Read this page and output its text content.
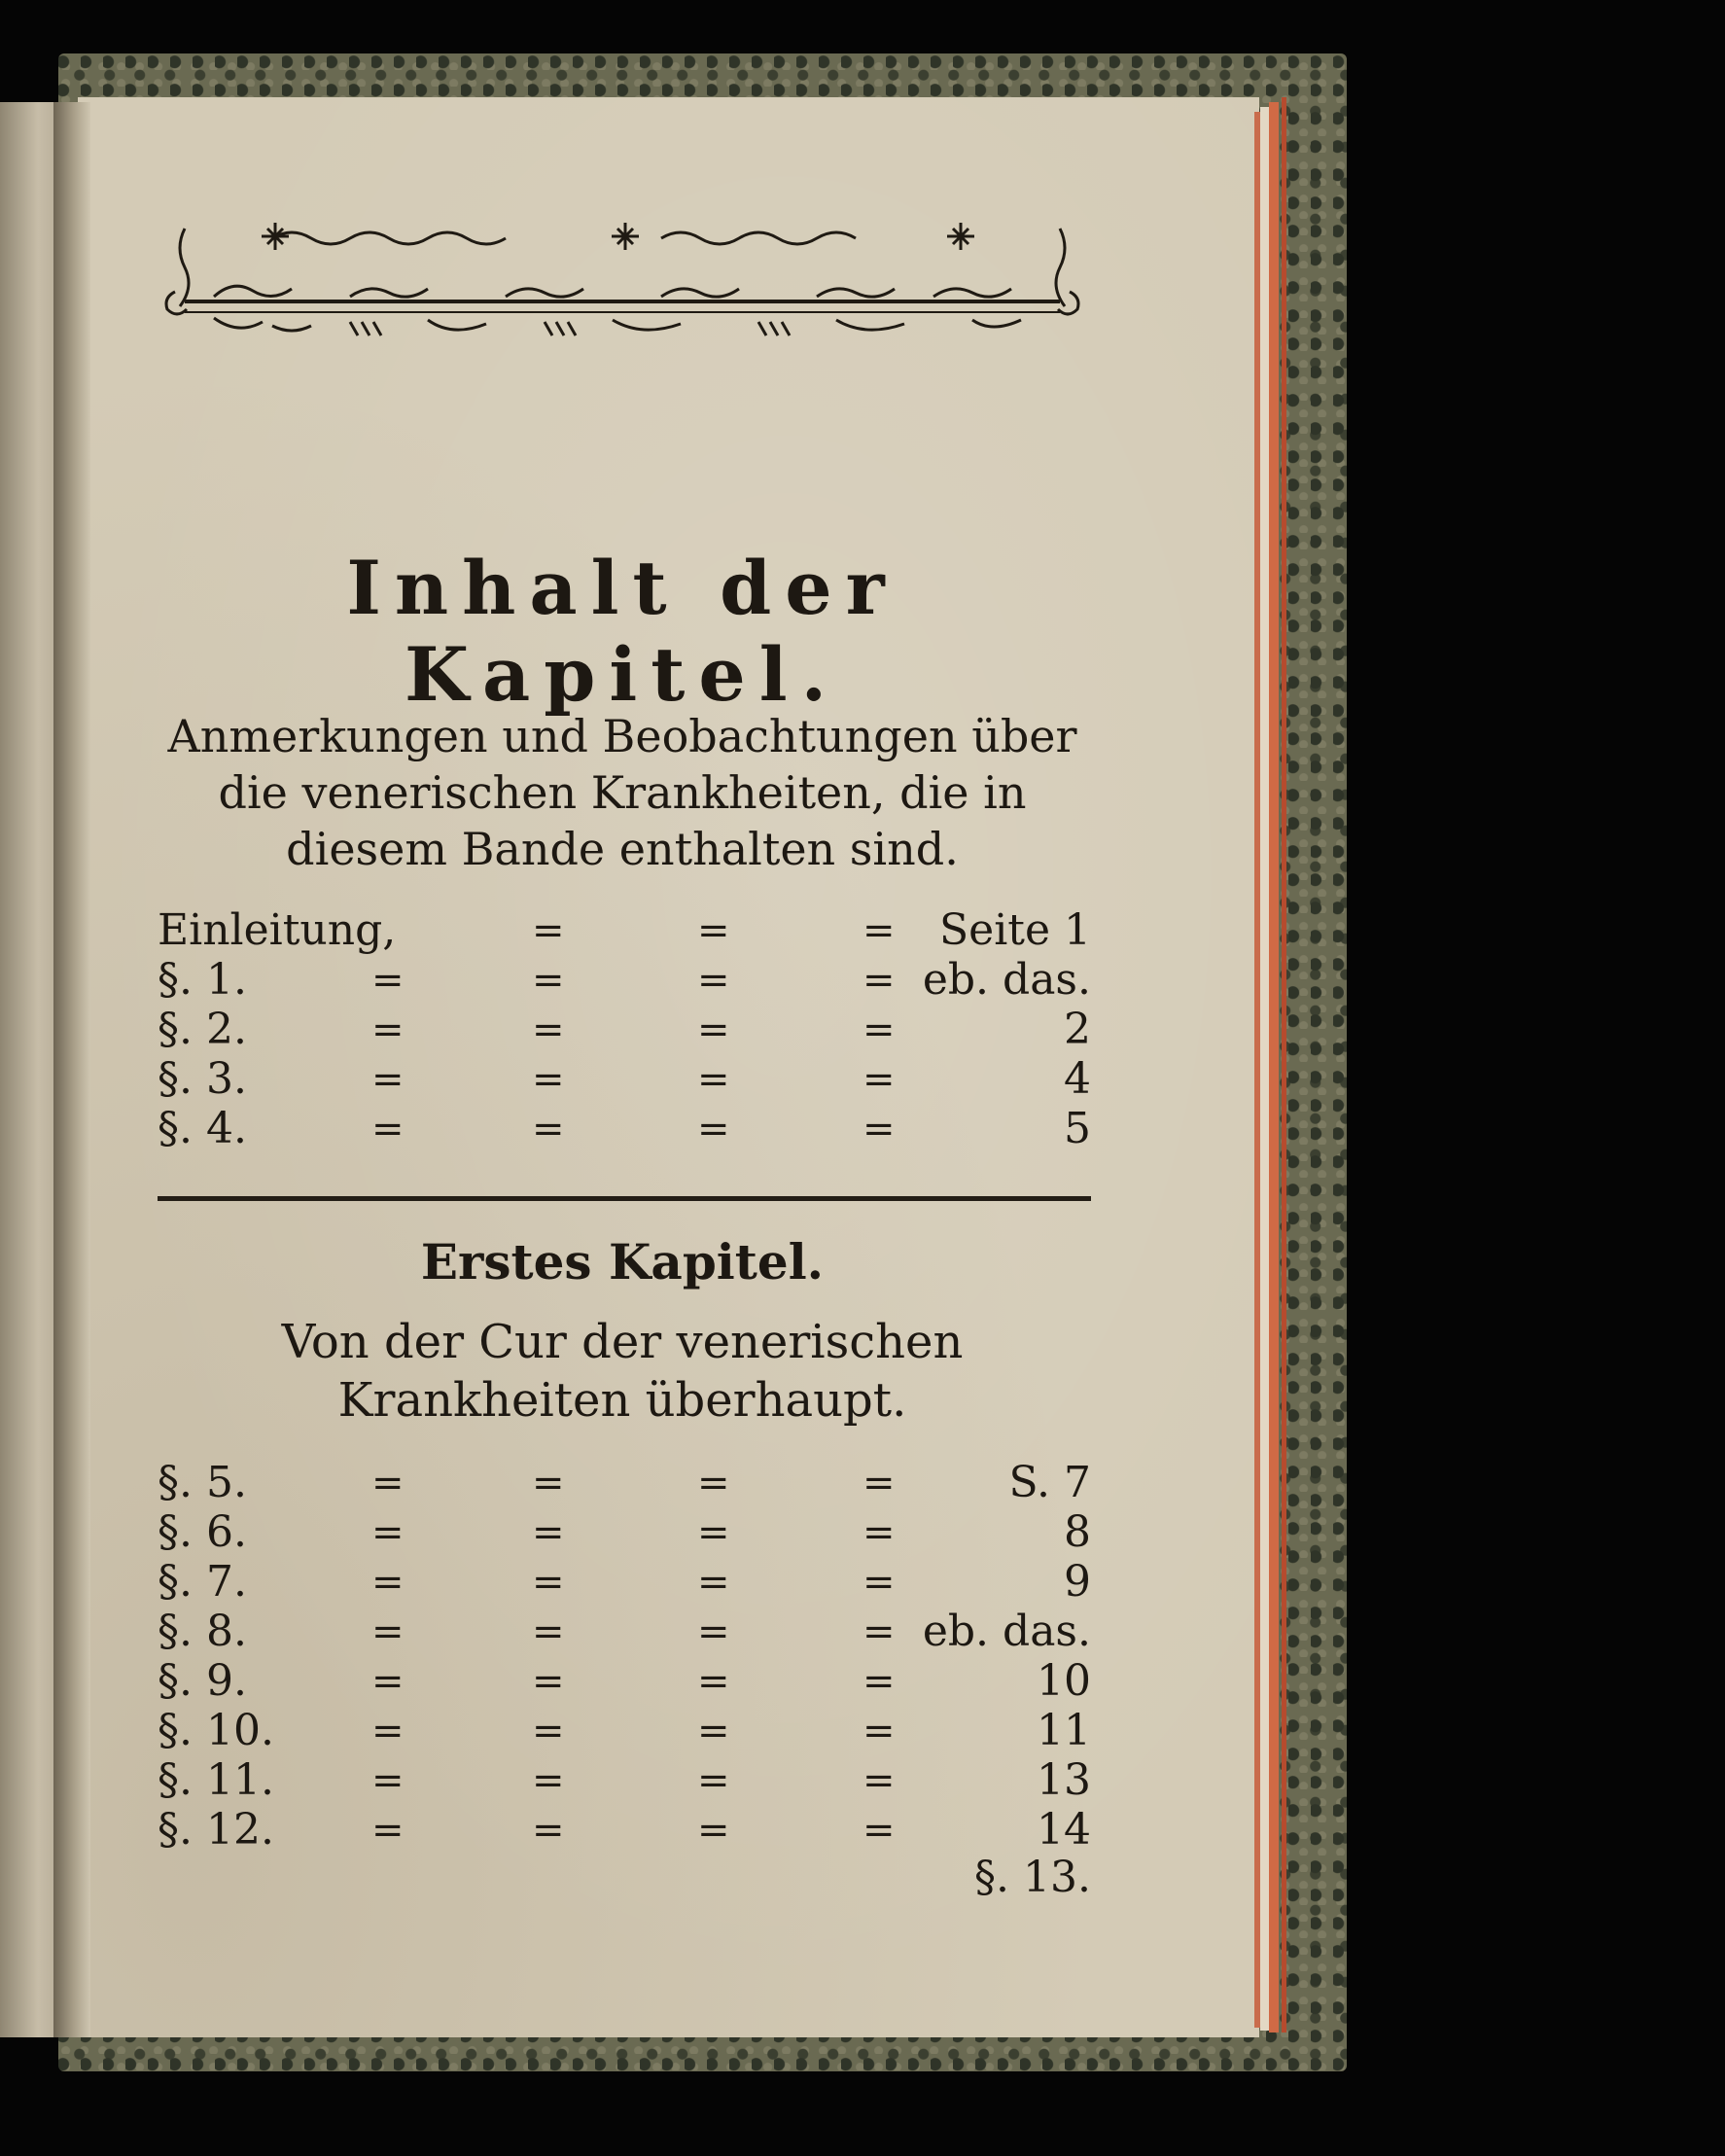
Inhalt der Kapitel.
Anmerkungen und Beobachtungen über die venerischen Krankheiten, die in diesem Bande enthalten sind.
Einleitung,	=	=	= Seite 1
§. 1.	=	=	=	= eb. das.
§. 2.	=	=	=	=	2
§. 3.	=	=	=	=	4
§. 4.	=	=	=	=	5
Erstes Kapitel.
Von der Cur der venerischen Krankheiten überhaupt.
§. 5.	=	=	=	=	S. 7
§. 6.	=	=	=	=	8
§. 7.	=	=	=	=	9
§. 8.	=	=	=	= eb. das.
§. 9.	=	=	=	=	10
§. 10.	=	=	=	=	11
§. 11.	=	=	=	=	13
§. 12.	=	=	=	=	14
§. 13.
